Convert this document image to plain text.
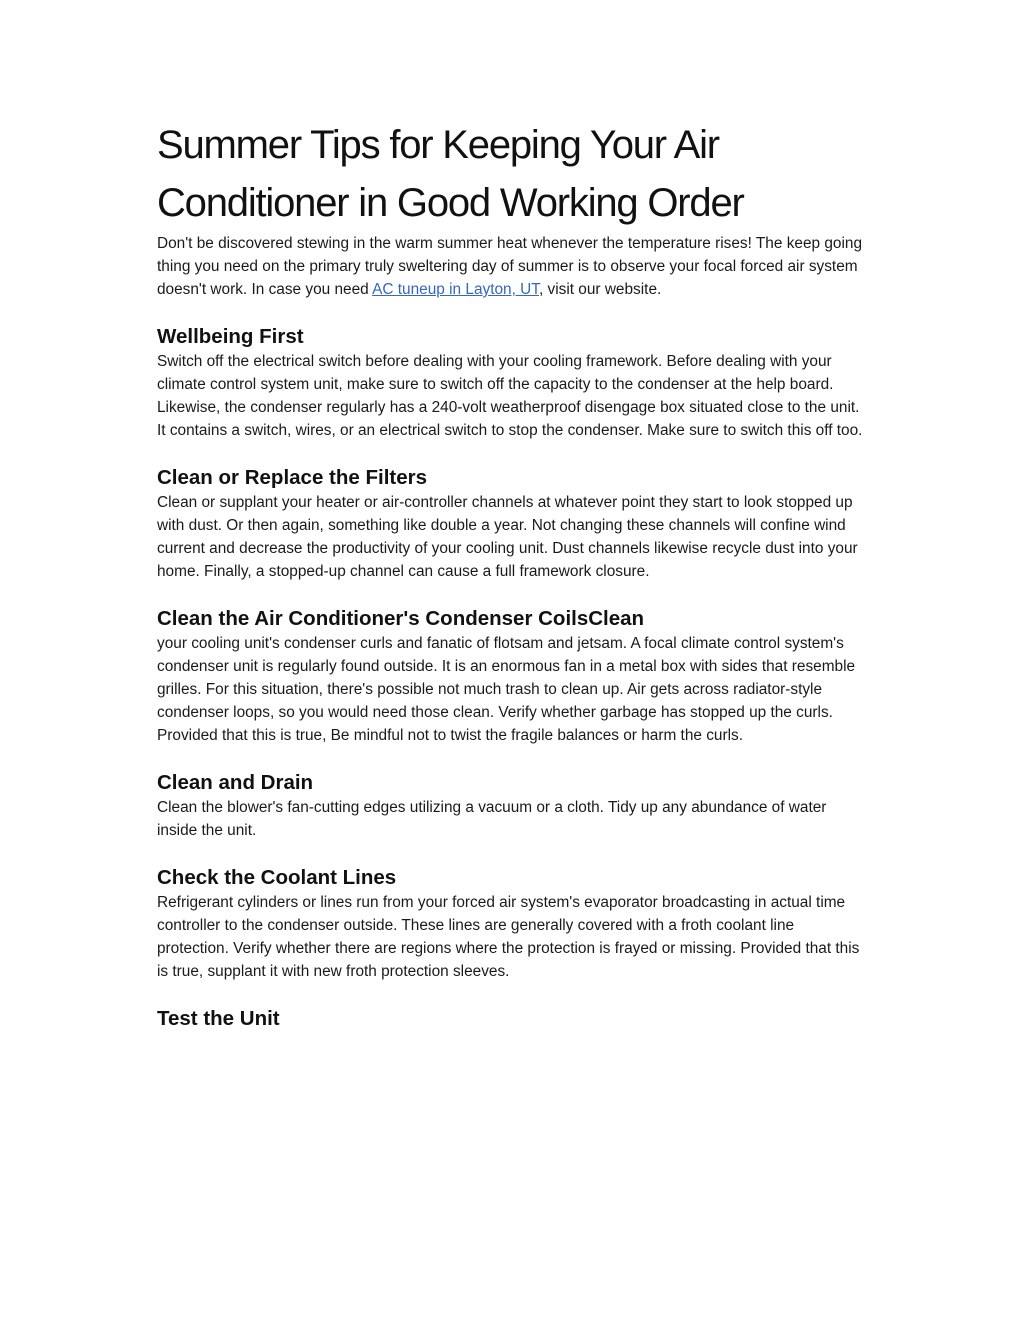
Summer Tips for Keeping Your Air Conditioner in Good Working Order

Don't be discovered stewing in the warm summer heat whenever the temperature rises! The keep going thing you need on the primary truly sweltering day of summer is to observe your focal forced air system doesn't work. In case you need AC tuneup in Layton, UT, visit our website.

Wellbeing First

Switch off the electrical switch before dealing with your cooling framework. Before dealing with your climate control system unit, make sure to switch off the capacity to the condenser at the help board. Likewise, the condenser regularly has a 240-volt weatherproof disengage box situated close to the unit. It contains a switch, wires, or an electrical switch to stop the condenser. Make sure to switch this off too.

Clean or Replace the Filters

Clean or supplant your heater or air-controller channels at whatever point they start to look stopped up with dust. Or then again, something like double a year. Not changing these channels will confine wind current and decrease the productivity of your cooling unit. Dust channels likewise recycle dust into your home. Finally, a stopped-up channel can cause a full framework closure.

Clean the Air Conditioner's Condenser CoilsClean

your cooling unit's condenser curls and fanatic of flotsam and jetsam. A focal climate control system's condenser unit is regularly found outside. It is an enormous fan in a metal box with sides that resemble grilles. For this situation, there's possible not much trash to clean up. Air gets across radiator-style condenser loops, so you would need those clean. Verify whether garbage has stopped up the curls. Provided that this is true, Be mindful not to twist the fragile balances or harm the curls.

Clean and Drain

Clean the blower's fan-cutting edges utilizing a vacuum or a cloth. Tidy up any abundance of water inside the unit.

Check the Coolant Lines

Refrigerant cylinders or lines run from your forced air system's evaporator broadcasting in actual time controller to the condenser outside. These lines are generally covered with a froth coolant line protection. Verify whether there are regions where the protection is frayed or missing. Provided that this is true, supplant it with new froth protection sleeves.

Test the Unit
